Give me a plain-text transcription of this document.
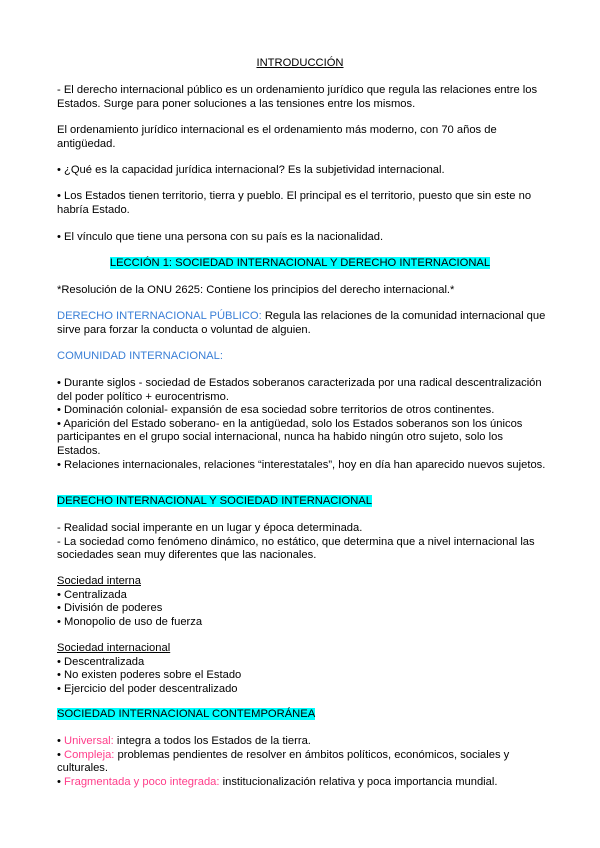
INTRODUCCIÓN

- El derecho internacional público es un ordenamiento jurídico que regula las relaciones entre los Estados. Surge para poner soluciones a las tensiones entre los mismos.

El ordenamiento jurídico internacional es el ordenamiento más moderno, con 70 años de antigüedad.

• ¿Qué es la capacidad jurídica internacional? Es la subjetividad internacional.

• Los Estados tienen territorio, tierra y pueblo. El principal es el territorio, puesto que sin este no habría Estado.

• El vínculo que tiene una persona con su país es la nacionalidad.

LECCIÓN 1: SOCIEDAD INTERNACIONAL Y DERECHO INTERNACIONAL

*Resolución de la ONU 2625: Contiene los principios del derecho internacional.*

DERECHO INTERNACIONAL PÚBLICO: Regula las relaciones de la comunidad internacional que sirve para forzar la conducta o voluntad de alguien.

COMUNIDAD INTERNACIONAL:

• Durante siglos - sociedad de Estados soberanos caracterizada por una radical descentralización del poder político + eurocentrismo.

• Dominación colonial- expansión de esa sociedad sobre territorios de otros continentes.

• Aparición del Estado soberano- en la antigüedad, solo los Estados soberanos son los únicos participantes en el grupo social internacional, nunca ha habido ningún otro sujeto, solo los Estados.

• Relaciones internacionales, relaciones “interestatales”, hoy en día han aparecido nuevos sujetos.

DERECHO INTERNACIONAL Y SOCIEDAD INTERNACIONAL

- Realidad social imperante en un lugar y época determinada.

- La sociedad como fenómeno dinámico, no estático, que determina que a nivel internacional las sociedades sean muy diferentes que las nacionales.

Sociedad interna

• Centralizada

• División de poderes

• Monopolio de uso de fuerza

Sociedad internacional

• Descentralizada

• No existen poderes sobre el Estado

• Ejercicio del poder descentralizado

SOCIEDAD INTERNACIONAL CONTEMPORÁNEA

• Universal: integra a todos los Estados de la tierra.

• Compleja: problemas pendientes de resolver en ámbitos políticos, económicos, sociales y culturales.

• Fragmentada y poco integrada: institucionalización relativa y poca importancia mundial.
